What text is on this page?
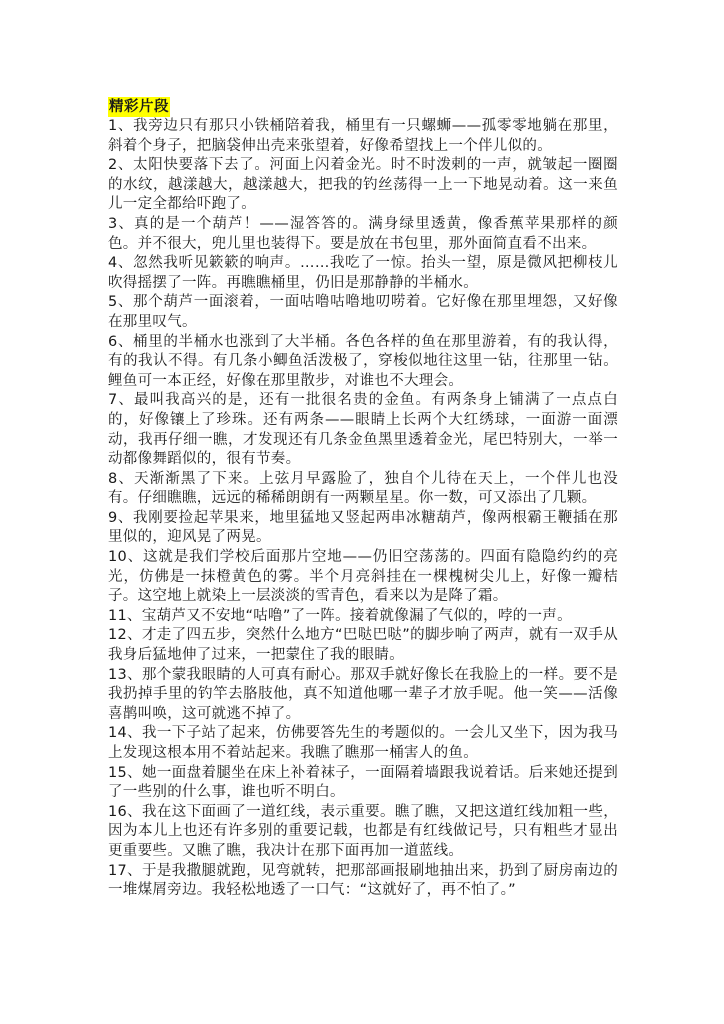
精彩片段

1、我旁边只有那只小铁桶陪着我，桶里有一只螺蛳——孤零零地躺在那里，斜着个身子，把脑袋伸出壳来张望着，好像希望找上一个伴儿似的。

2、太阳快要落下去了。河面上闪着金光。时不时泼剌的一声，就皱起一圈圈的水纹，越漾越大，越漾越大，把我的钓丝荡得一上一下地晃动着。这一来鱼儿一定全都给吓跑了。

3、真的是一个葫芦！——湿答答的。满身绿里透黄，像香蕉苹果那样的颜色。并不很大，兜儿里也装得下。要是放在书包里，那外面简直看不出来。

4、忽然我听见簌簌的响声。……我吃了一惊。抬头一望，原是微风把柳枝儿吹得摇摆了一阵。再瞧瞧桶里，仍旧是那静静的半桶水。

5、那个葫芦一面滚着，一面咕噜咕噜地叨唠着。它好像在那里埋怨，又好像在那里叹气。

6、桶里的半桶水也涨到了大半桶。各色各样的鱼在那里游着，有的我认得，有的我认不得。有几条小鲫鱼活泼极了，穿梭似地往这里一钻，往那里一钻。鲤鱼可一本正经，好像在那里散步，对谁也不大理会。

7、最叫我高兴的是，还有一批很名贵的金鱼。有两条身上铺满了一点点白的，好像镶上了珍珠。还有两条——眼睛上长两个大红绣球，一面游一面漂动，我再仔细一瞧，才发现还有几条金鱼黑里透着金光，尾巴特别大，一举一动都像舞蹈似的，很有节奏。

8、天渐渐黑了下来。上弦月早露脸了，独自个儿待在天上，一个伴儿也没有。仔细瞧瞧，远远的稀稀朗朗有一两颗星星。你一数，可又添出了几颗。

9、我刚要捡起苹果来，地里猛地又竖起两串冰糖葫芦，像两根霸王鞭插在那里似的，迎风晃了两晃。

10、这就是我们学校后面那片空地——仍旧空荡荡的。四面有隐隐约约的亮光，仿佛是一抹橙黄色的雾。半个月亮斜挂在一棵槐树尖儿上，好像一瓣桔子。这空地上就染上一层淡淡的雪青色，看来以为是降了霜。

11、宝葫芦又不安地“咕噜”了一阵。接着就像漏了气似的，哱的一声。

12、才走了四五步，突然什么地方“巴哒巴哒”的脚步响了两声，就有一双手从我身后猛地伸了过来，一把蒙住了我的眼睛。

13、那个蒙我眼睛的人可真有耐心。那双手就好像长在我脸上的一样。要不是我扔掉手里的钓竿去胳肢他，真不知道他哪一辈子才放手呢。他一笑——活像喜鹊叫唤，这可就逃不掉了。

14、我一下子站了起来，仿佛要答先生的考题似的。一会儿又坐下，因为我马上发现这根本用不着站起来。我瞧了瞧那一桶害人的鱼。

15、她一面盘着腿坐在床上补着袜子，一面隔着墙跟我说着话。后来她还提到了一些别的什么事，谁也听不明白。

16、我在这下面画了一道红线，表示重要。瞧了瞧，又把这道红线加粗一些，因为本儿上也还有许多别的重要记载，也都是有红线做记号，只有粗些才显出更重要些。又瞧了瞧，我决计在那下面再加一道蓝线。

17、于是我撒腿就跑，见弯就转，把那部画报刷地抽出来，扔到了厨房南边的一堆煤屑旁边。我轻松地透了一口气：“这就好了，再不怕了。”
